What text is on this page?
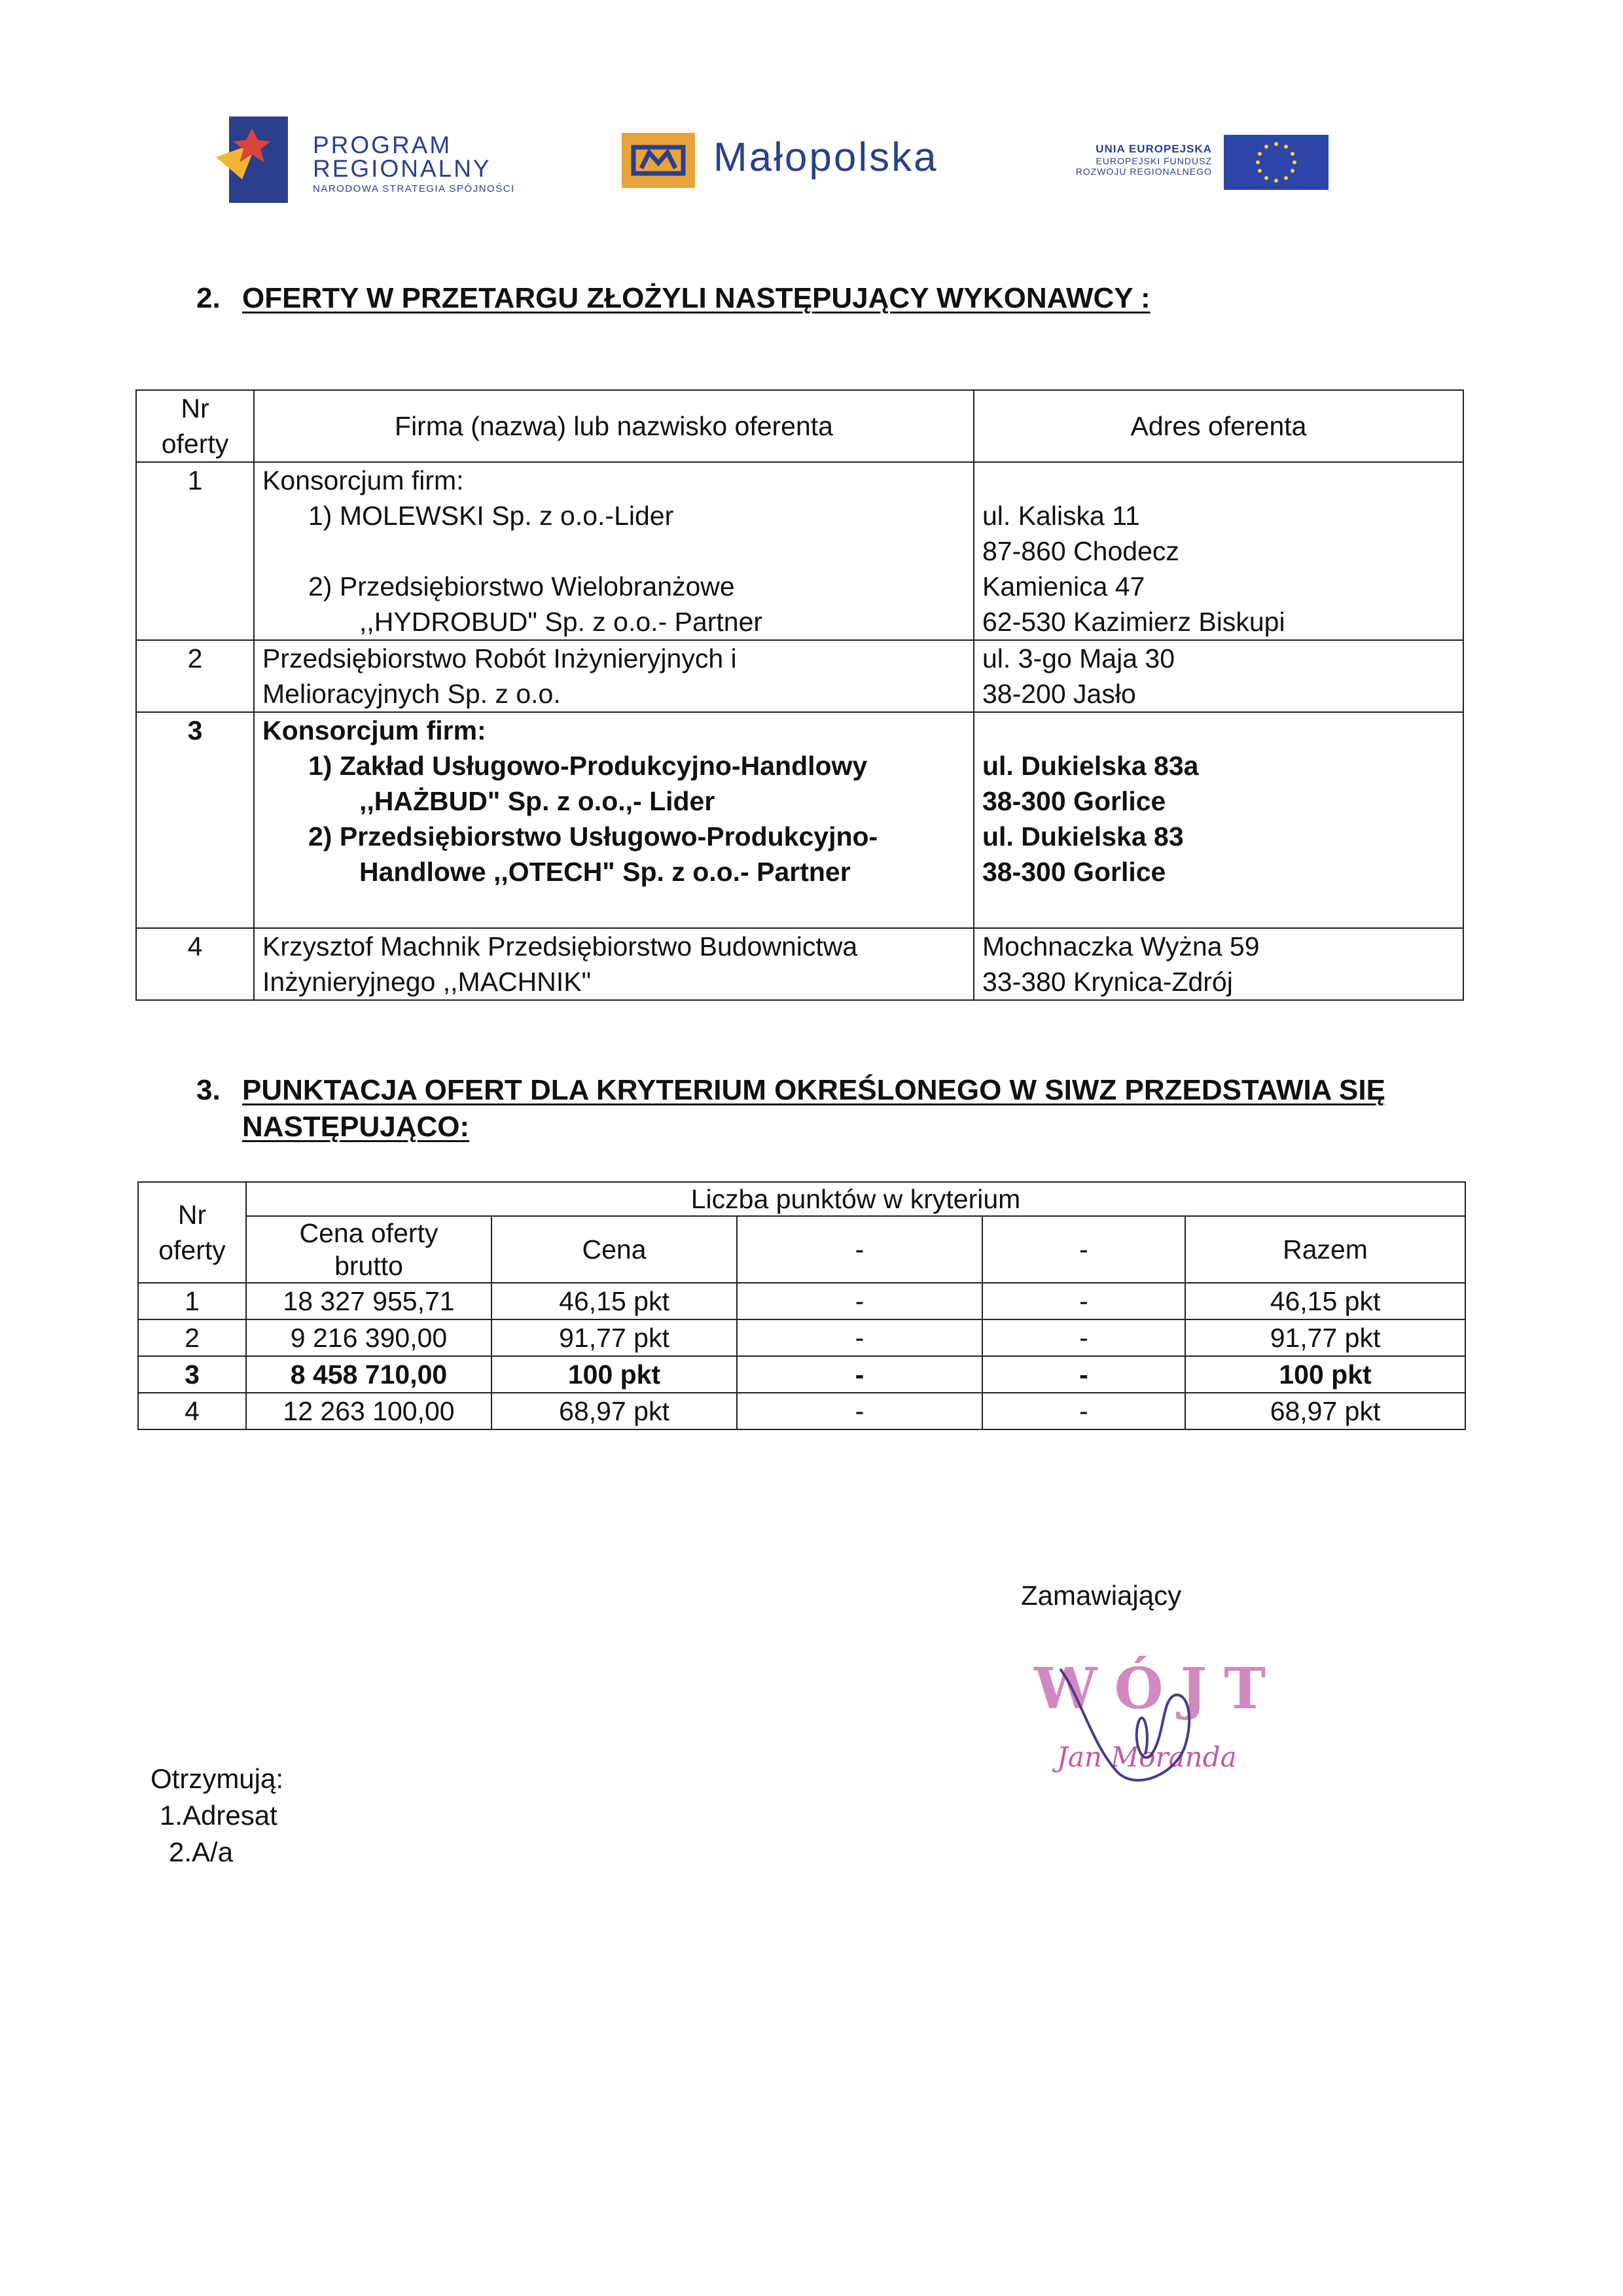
PROGRAM
REGIONALNY
NARODOWA STRATEGIA SPÓJNOŚCI
Małopolska	UNIA EUROPEJSKA
EUROPEJSKI FUNDUSZ
ROZWOJU REGIONALNEGO
2. OFERTY W PRZETARGU ZŁOŻYLI NASTĘPUJĄCY WYKONAWCY :
Nr
oferty	Firma (nazwa) lub nazwisko oferenta	Adres oferenta
1	Konsorcjum firm:
1) MOLEWSKI Sp. z o.o.-Lider
2) Przedsiębiorstwo Wielobranżowe
,,HYDROBUD" Sp. z o.o.- Partner	ul. Kaliska 11
87-860 Chodecz
Kamienica 47
62-530 Kazimierz Biskupi

2	Przedsiębiorstwo Robót Inżynieryjnych i
Melioracyjnych Sp. z o.o.	ul. 3-go Maja 30
38-200 Jasło

3	Konsorcjum firm:
1) Zakład Usługowo-Produkcyjno-Handlowy
,,HAŻBUD" Sp. z o.o.,- Lider
2) Przedsiębiorstwo Usługowo-Produkcyjno-
Handlowe ,,OTECH" Sp. z o.o.- Partner	ul. Dukielska 83a
38-300 Gorlice
ul. Dukielska 83
38-300 Gorlice

4	Krzysztof Machnik Przedsiębiorstwo Budownictwa
Inżynieryjnego ,,MACHNIK"	Mochnaczka Wyżna 59
33-380 Krynica-Zdrój
3. PUNKTACJA OFERT DLA KRYTERIUM OKREŚLONEGO W SIWZ PRZEDSTAWIA SIĘ
NASTĘPUJĄCO:
Nr
oferty	Liczba punktów w kryterium				

	Cena oferty
brutto	Cena	-	-	Razem
1	18 327 955,71	46,15 pkt	-	-	46,15 pkt
2	9 216 390,00	91,77 pkt	-	-	91,77 pkt
3	8 458 710,00	100 pkt	-	-	100 pkt
4	12 263 100,00	68,97 pkt	-	-	68,97 pkt
Zamawiający
WÓJT
Jan Moranda
Otrzymują:
1.Adresat
2.A/a
